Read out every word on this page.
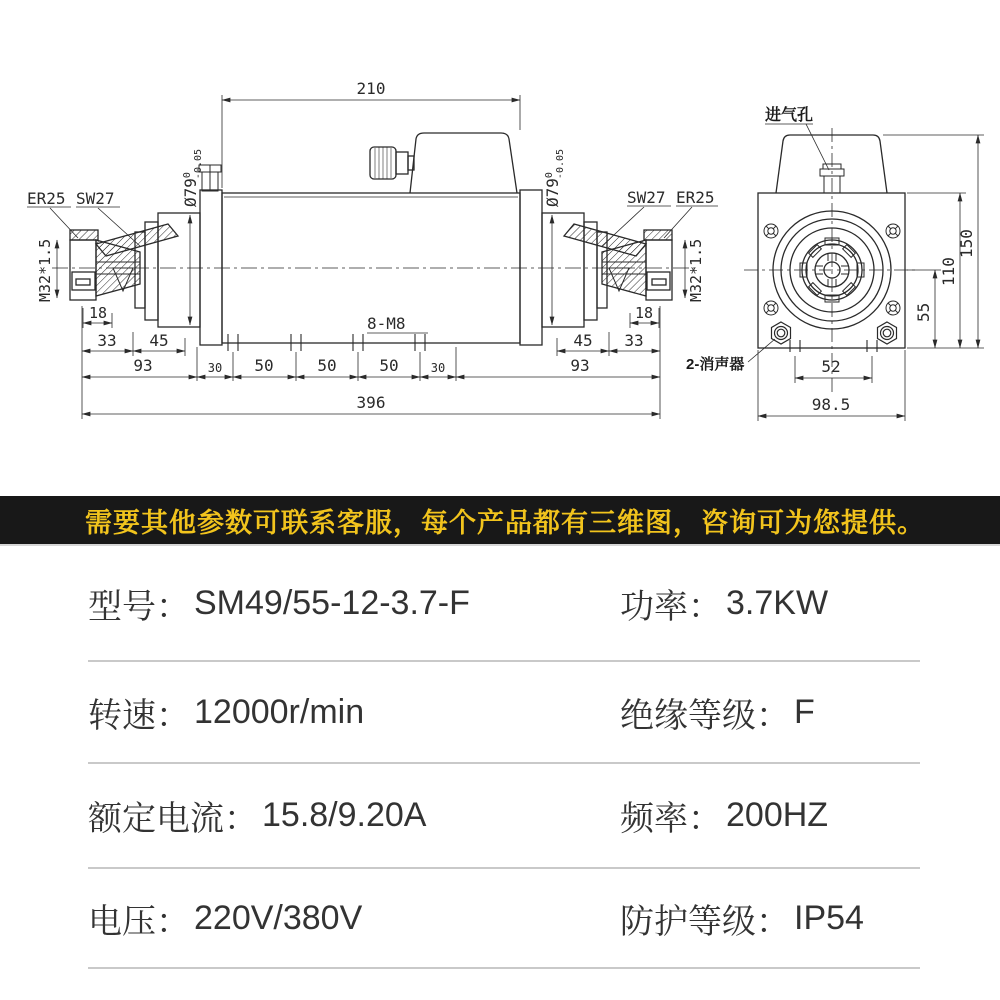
210
$Ø79^0-0.05$
$Ø79^0-0.05$
M32*1.5	M32*1.5
ER25 SW27	SW27 ER25
18	18
33 45	45 33
93	30 50	50	50	30	93
8-M8
396
进气孔
2-消声器	52
98.5
55
110
150
需要其他参数可联系客服，每个产品都有三维图，咨询可为您提供。
型号： SM49/55-12-3.7-F	功率： 3.7KW
转速： 12000r/min	绝缘等级： F
额定电流： 15.8/9.20A	频率： 200HZ
电压： 220V/380V	防护等级： IP54
